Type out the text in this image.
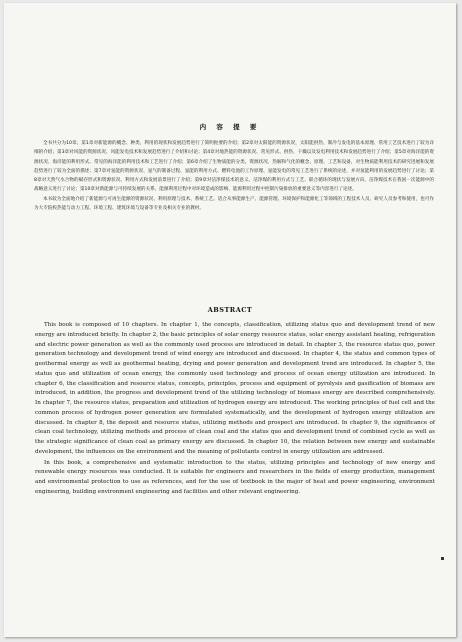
内 容 提 要

全书共分为10章。第1章对新能源的概念、种类、利用的现状和发展趋势进行了简明扼要的介绍；第2章对太阳能的资源状况，太阳能供热、制冷与发电的基本原理、常用工艺技术进行了较为详细的介绍；第3章对风能的资源状况、风能发电技术和发展趋势进行了介绍和讨论；第4章对地热能的资源状况、常见形式、供热、干燥以及发电利用技术和发展趋势进行了介绍；第5章对海洋能的资源状况、海洋能的利用形式、常见的海洋能的利用技术和工艺进行了介绍；第6章介绍了生物质能的分类、资源状况、热解和气化的概念、原理、工艺和设备，对生物质能利用技术的研究进展和发展趋势进行了较为全面的描述；第7章对氢能的资源状况、氢气的制备过程、氢能的利用方式、燃料电池的工作原理、氢能发电的常见工艺进行了系统的论述，并对氢能利用的发展趋势进行了讨论；第8章对天然气水合物的赋存形式和资源状况、利用方式和发展前景进行了介绍；第9章对洁净煤技术的意义、洁净煤的利用方式与工艺、联合循环的现状与发展方向、洁净煤技术在我国一次能源中的战略意义进行了讨论；第10章对新能源与可持续发展的关系、能源利用过程中对环境造成的影响、能源利用过程中控制污染排放的重要意义等内容进行了论述。

本书较为全面地介绍了新能源与可再生能源的资源状况、利用原理与技术、系统工艺。适合从事能源生产、能源管理、环境保护和能源化工等领域的工程技术人员、研究人员参考和使用，也可作为大专院校热能与动力工程、环境工程、建筑环境与设备等专业及相关专业的教材。

ABSTRACT

This book is composed of 10 chapters. In chapter 1, the concepts, classification, utilizing status quo and development trend of new energy are introduced briefly. In chapter 2, the basic principles of solar energy resource status, solar energy assistant heating, refrigeration and electric power generation as well as the commonly used process are introduced in detail. In chapter 3, the resource status quo, power generation technology and development trend of wind energy are introduced and discussed. In chapter 4, the status and common types of geothermal energy as well as geothermal heating, drying and power generation and development trend are introduced. In chapter 5, the status quo and utilization of ocean energy, the commonly used technology and process of ocean energy utilization are introduced. In chapter 6, the classification and resource status, concepts, principles, process and equipment of pyrolysis and gasification of biomass are introduced, in addition, the progress and development trend of the utilizing technology of biomass energy are described comprehensively. In chapter 7, the resource status, preparation and utilization of hydrogen energy are introduced. The working principles of fuel cell and the common process of hydrogen power generation are formulated systematically, and the development of hydrogen energy utilization are discussed. In chapter 8, the deposit and resource status, utilizing methods and prospect are introduced. In chapter 9, the significance of clean coal technology, utilizing methods and process of clean coal and the status quo and development trend of combined cycle as well as the strategic significance of clean coal as primary energy are discussed. In chapter 10, the relation between new energy and sustainable development, the influences on the environment and the meaning of pollutants control in energy utilization are addressed.

In this book, a comprehensive and systematic introduction to the status, utilizing principles and technology of new energy and renewable energy resources was conducted. It is suitable for engineers and researchers in the fields of energy production, management and environmental protection to use as references, and for the use of textbook in the major of heat and power engineering, environment engineering, building environment engineering and facilities and other relevant engineering.
